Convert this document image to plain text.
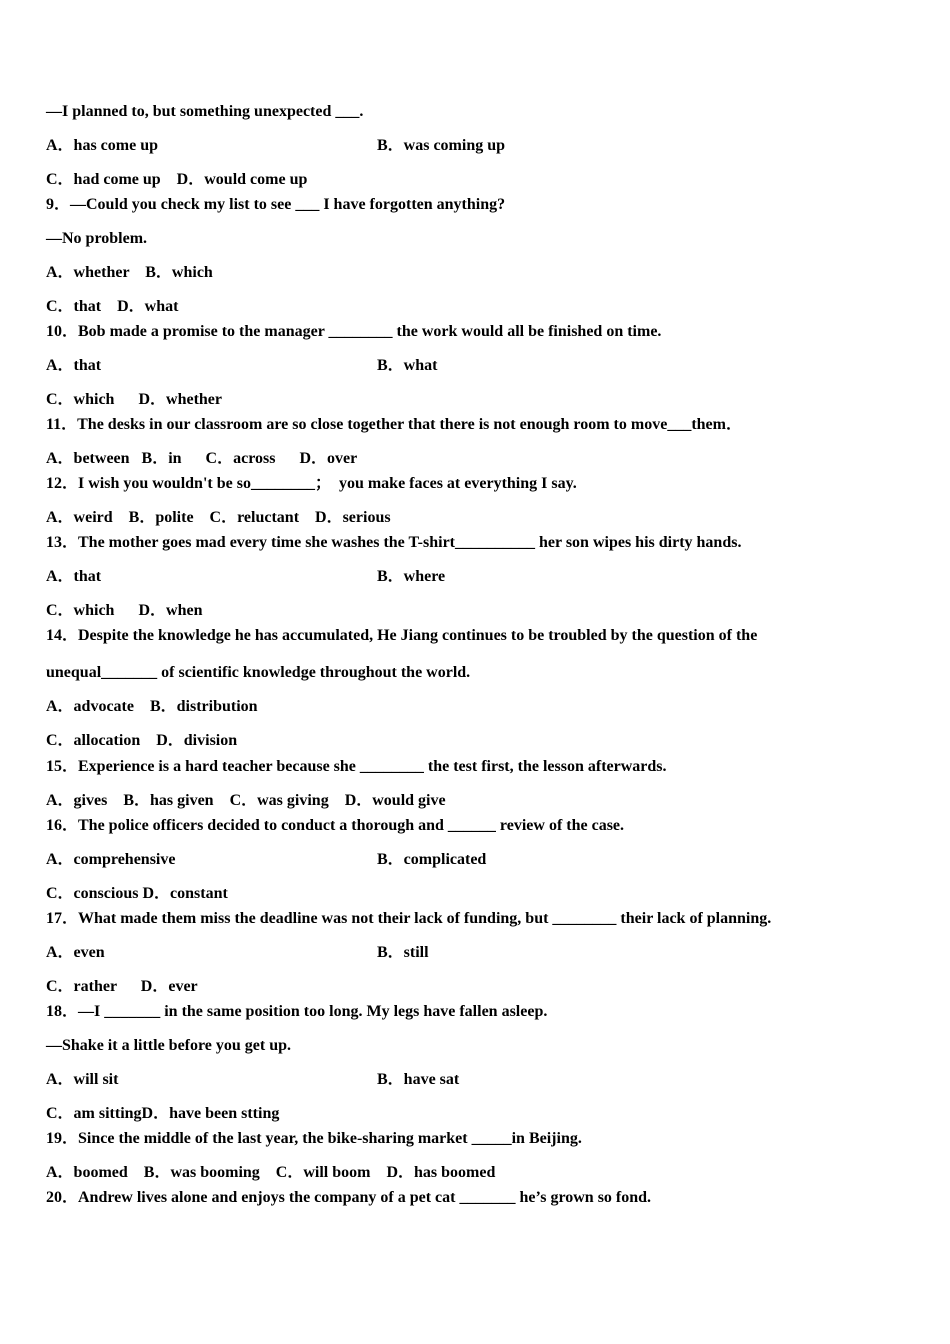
—I planned to, but something unexpected ___.
A．has come up	B．was coming up
C．had come up    D．would come up
9．—Could you check my list to see ___ I have forgotten anything?
—No problem.
A．whether    B．which
C．that    D．what
10．Bob made a promise to the manager ________ the work would all be finished on time.
A．that	B．what
C．which      D．whether
11．The desks in our classroom are so close together that there is not enough room to move___them．
A．between   B．in      C．across      D．over
12．I wish you wouldn't be so________；  you make faces at everything I say.
A．weird    B．polite    C．reluctant    D．serious
13．The mother goes mad every time she washes the T-shirt__________ her son wipes his dirty hands.
A．that	B．where
C．which      D．when
14．Despite the knowledge he has accumulated, He Jiang continues to be troubled by the question of the
unequal_______ of scientific knowledge throughout the world.
A．advocate    B．distribution
C．allocation    D．division
15．Experience is a hard teacher because she ________ the test first, the lesson afterwards.
A．gives    B．has given    C．was giving    D．would give
16．The police officers decided to conduct a thorough and ______ review of the case.
A．comprehensive	B．complicated
C．conscious D．constant
17．What made them miss the deadline was not their lack of funding, but ________ their lack of planning.
A．even	B．still
C．rather      D．ever
18．—I _______ in the same position too long. My legs have fallen asleep.
—Shake it a little before you get up.
A．will sit	B．have sat
C．am sittingD．have been stting
19．Since the middle of the last year, the bike-sharing market _____in Beijing.
A．boomed    B．was booming    C．will boom    D．has boomed
20．Andrew lives alone and enjoys the company of a pet cat _______ he’s grown so fond.
